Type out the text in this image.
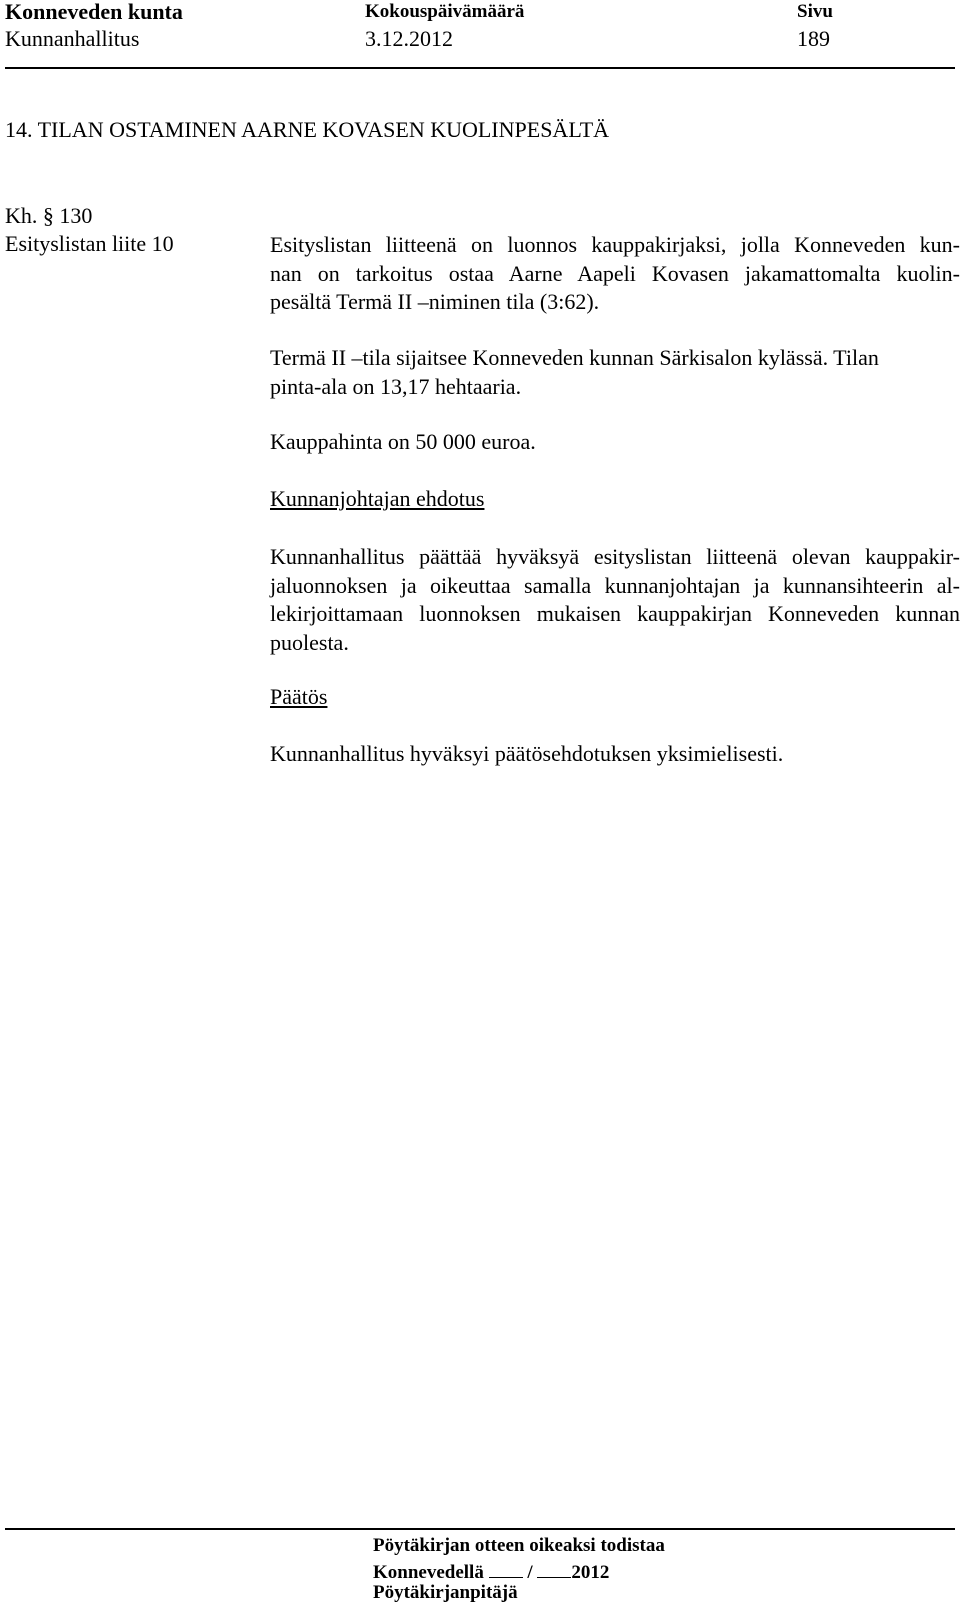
Konneveden kunta
Kunnanhallitus
Kokouspäivämäärä
3.12.2012
Sivu
189
14. TILAN OSTAMINEN AARNE KOVASEN KUOLINPESÄLTÄ
Kh. § 130
Esityslistan liite 10	Esityslistan liitteenä on luonnos kauppakirjaksi, jolla Konneveden kun-
nan on tarkoitus ostaa Aarne Aapeli Kovasen jakamattomalta kuolin-
pesältä Termä II –niminen tila (3:62).
Termä II –tila sijaitsee Konneveden kunnan Särkisalon kylässä. Tilan
pinta-ala on 13,17 hehtaaria.
Kauppahinta on 50 000 euroa.
Kunnanjohtajan ehdotus
Kunnanhallitus päättää hyväksyä esityslistan liitteenä olevan kauppakir-
jaluonnoksen ja oikeuttaa samalla kunnanjohtajan ja kunnansihteerin al-
lekirjoittamaan luonnoksen mukaisen kauppakirjan Konneveden kunnan
puolesta.
Päätös
Kunnanhallitus hyväksyi päätösehdotuksen yksimielisesti.
Pöytäkirjan otteen oikeaksi todistaa
Konnevedellä / 2012
Pöytäkirjanpitäjä
